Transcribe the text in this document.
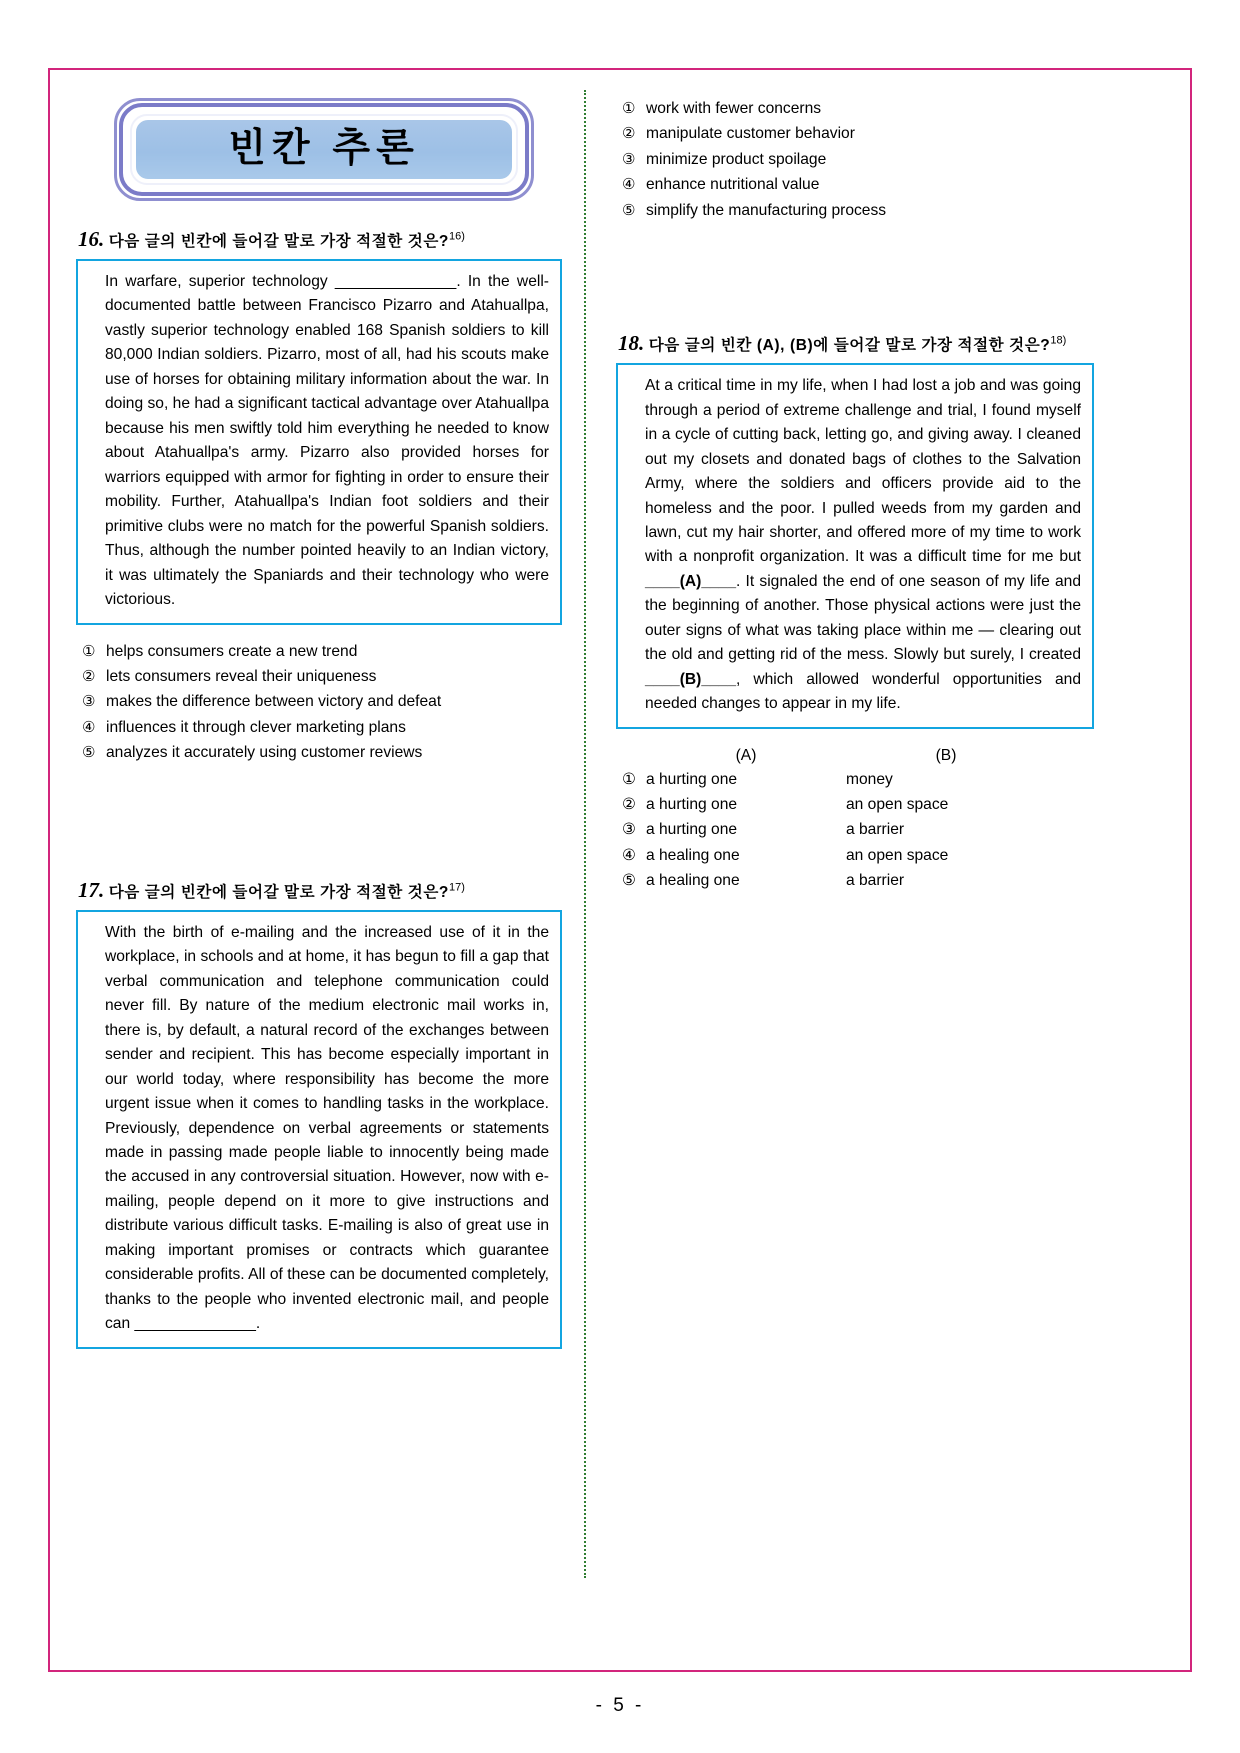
빈칸 추론
16. 다음 글의 빈칸에 들어갈 말로 가장 적절한 것은?$^{16)}$

In warfare, superior technology ______________. In the well-documented battle between Francisco Pizarro and Atahuallpa, vastly superior technology enabled 168 Spanish soldiers to kill 80,000 Indian soldiers. Pizarro, most of all, had his scouts make use of horses for obtaining military information about the war. In doing so, he had a significant tactical advantage over Atahuallpa because his men swiftly told him everything he needed to know about Atahuallpa's army. Pizarro also provided horses for warriors equipped with armor for fighting in order to ensure their mobility. Further, Atahuallpa's Indian foot soldiers and their primitive clubs were no match for the powerful Spanish soldiers. Thus, although the number pointed heavily to an Indian victory, it was ultimately the Spaniards and their technology who were victorious.

① helps consumers create a new trend
② lets consumers reveal their uniqueness
③ makes the difference between victory and defeat
④ influences it through clever marketing plans
⑤ analyzes it accurately using customer reviews
17. 다음 글의 빈칸에 들어갈 말로 가장 적절한 것은?$^{17)}$

With the birth of e-mailing and the increased use of it in the workplace, in schools and at home, it has begun to fill a gap that verbal communication and telephone communication could never fill. By nature of the medium electronic mail works in, there is, by default, a natural record of the exchanges between sender and recipient. This has become especially important in our world today, where responsibility has become the more urgent issue when it comes to handling tasks in the workplace. Previously, dependence on verbal agreements or statements made in passing made people liable to innocently being made the accused in any controversial situation. However, now with e-mailing, people depend on it more to give instructions and distribute various difficult tasks. E-mailing is also of great use in making important promises or contracts which guarantee considerable profits. All of these can be documented completely, thanks to the people who invented electronic mail, and people can ______________.

① work with fewer concerns
② manipulate customer behavior
③ minimize product spoilage
④ enhance nutritional value
⑤ simplify the manufacturing process
18. 다음 글의 빈칸 (A), (B)에 들어갈 말로 가장 적절한 것은?$^{18)}$

At a critical time in my life, when I had lost a job and was going through a period of extreme challenge and trial, I found myself in a cycle of cutting back, letting go, and giving away. I cleaned out my closets and donated bags of clothes to the Salvation Army, where the soldiers and officers provide aid to the homeless and the poor. I pulled weeds from my garden and lawn, cut my hair shorter, and offered more of my time to work with a nonprofit organization. It was a difficult time for me but ____(A)____. It signaled the end of one season of my life and the beginning of another. Those physical actions were just the outer signs of what was taking place within me — clearing out the old and getting rid of the mess. Slowly but surely, I created ____(B)____, which allowed wonderful opportunities and needed changes to appear in my life.

(A)	(B)
① a hurting one	money
② a hurting one	an open space
③ a hurting one	a barrier
④ a healing one	an open space
⑤ a healing one	a barrier
- 5 -
